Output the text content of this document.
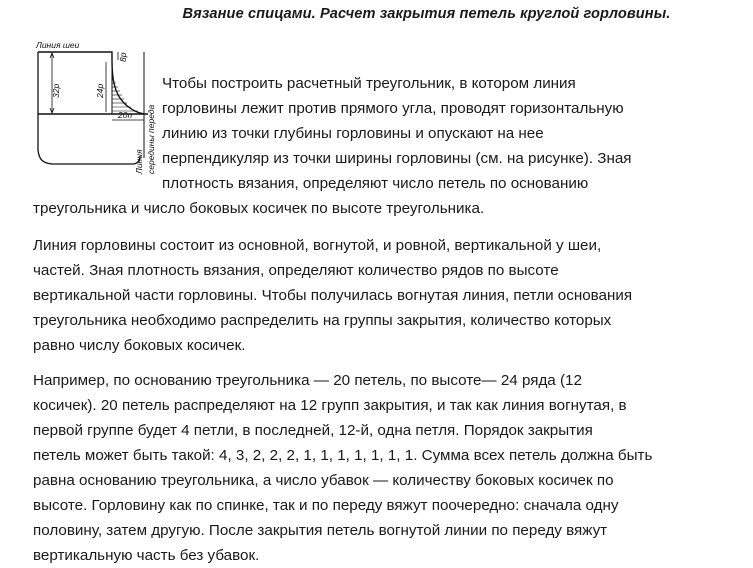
Вязание спицами. Расчет закрытия петель круглой горловины.
Линия шеи
32р
8р
24р
20п
Линия середины переда

Чтобы построить расчетный треугольник, в котором линия
горловины лежит против прямого угла, проводят горизонтальную
линию из точки глубины горловины и опускают на нее
перпендикуляр из точки ширины горловины (см. на рисунке). Зная
плотность вязания, определяют число петель по основанию
треугольника и число боковых косичек по высоте треугольника.

Линия горловины состоит из основной, вогнутой, и ровной, вертикальной у шеи,
частей. Зная плотность вязания, определяют количество рядов по высоте
вертикальной части горловины. Чтобы получилась вогнутая линия, петли основания
треугольника необходимо распределить на группы закрытия, количество которых
равно числу боковых косичек.

Например, по основанию треугольника — 20 петель, по высоте— 24 ряда (12
косичек). 20 петель распределяют на 12 групп закрытия, и так как линия вогнутая, в
первой группе будет 4 петли, в последней, 12-й, одна петля. Порядок закрытия
петель может быть такой: 4, 3, 2, 2, 2, 1, 1, 1, 1, 1, 1, 1. Сумма всех петель должна быть
равна основанию треугольника, а число убавок — количеству боковых косичек по
высоте. Горловину как по спинке, так и по переду вяжут поочередно: сначала одну
половину, затем другую. После закрытия петель вогнутой линии по переду вяжут
вертикальную часть без убавок.
